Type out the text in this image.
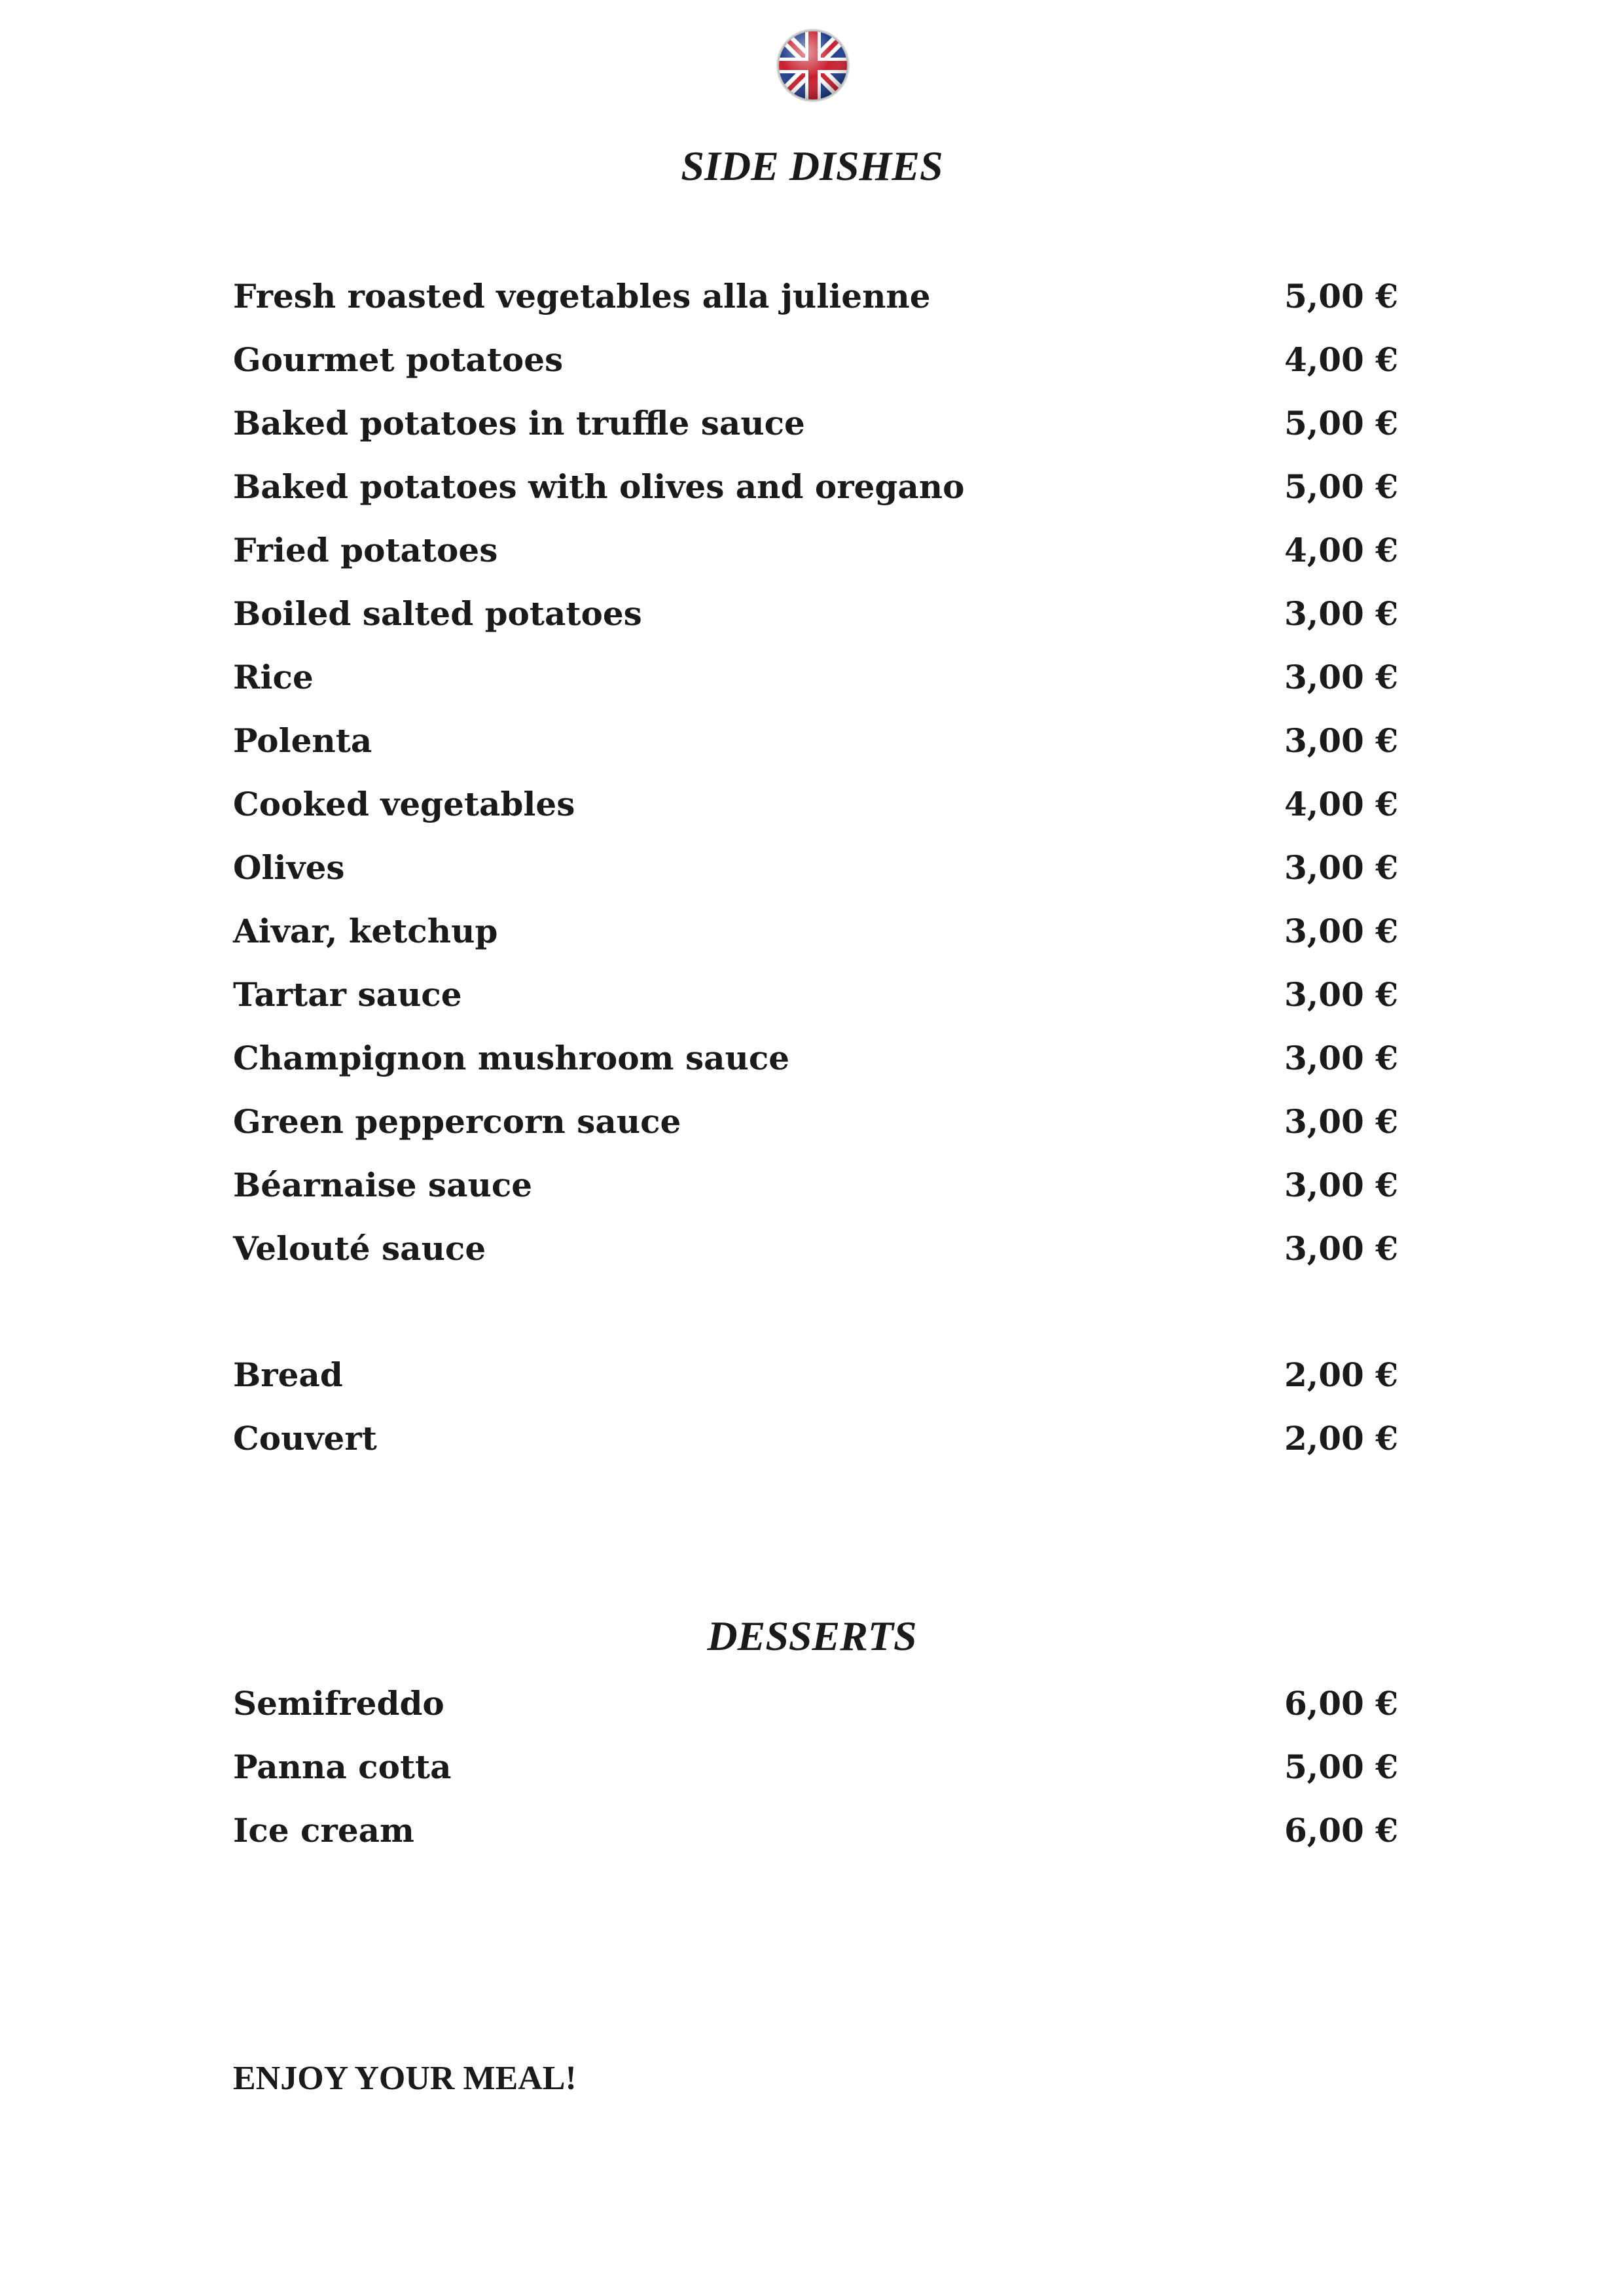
SIDE DISHES
Fresh roasted vegetables alla julienne	5,00 €
Gourmet potatoes	4,00 €
Baked potatoes in truffle sauce	5,00 €
Baked potatoes with olives and oregano	5,00 €
Fried potatoes	4,00 €
Boiled salted potatoes	3,00 €
Rice	3,00 €
Polenta	3,00 €
Cooked vegetables	4,00 €
Olives	3,00 €
Aivar, ketchup	3,00 €
Tartar sauce	3,00 €
Champignon mushroom sauce	3,00 €
Green peppercorn sauce	3,00 €
Béarnaise sauce	3,00 €
Velouté sauce	3,00 €
Bread	2,00 €
Couvert	2,00 €
DESSERTS
Semifreddo	6,00 €
Panna cotta	5,00 €
Ice cream	6,00 €

ENJOY YOUR MEAL!
